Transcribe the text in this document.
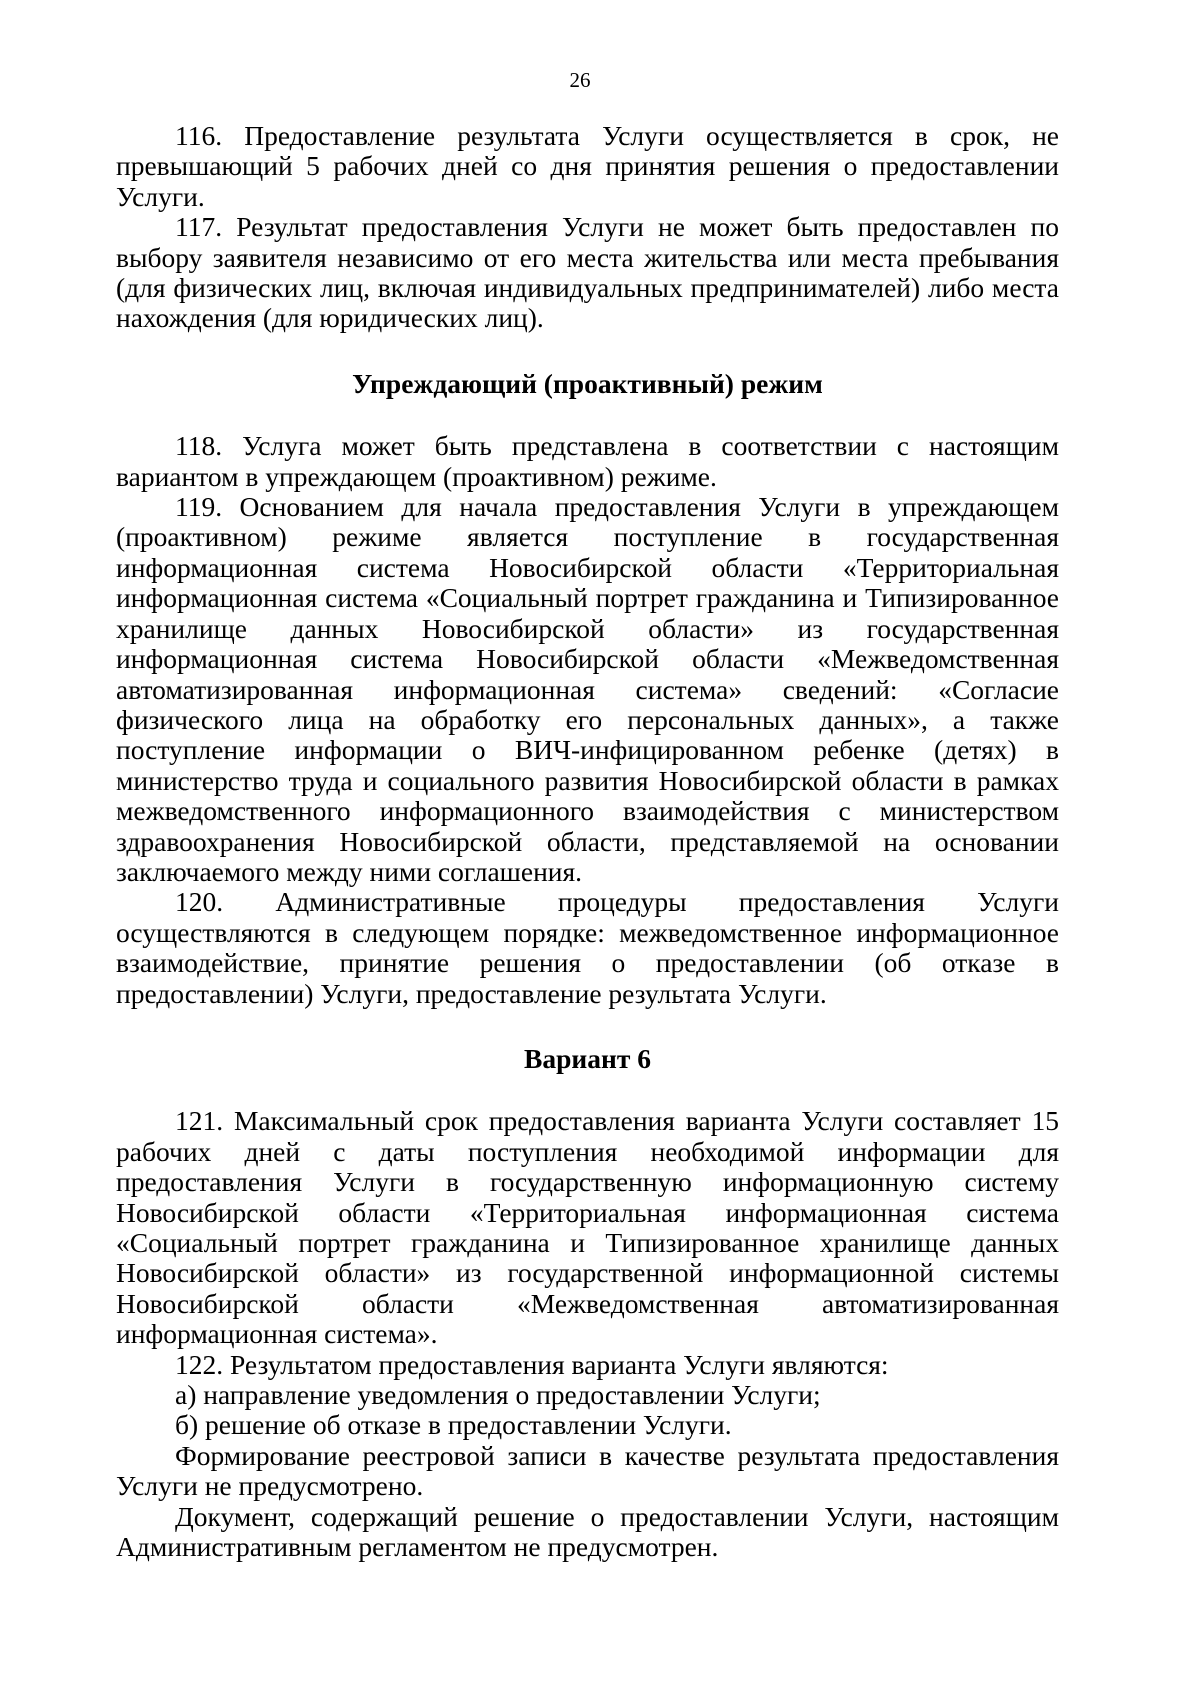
26

116. Предоставление результата Услуги осуществляется в срок, не превышающий 5 рабочих дней со дня принятия решения о предоставлении Услуги.

117. Результат предоставления Услуги не может быть предоставлен по выбору заявителя независимо от его места жительства или места пребывания (для физических лиц, включая индивидуальных предпринимателей) либо места нахождения (для юридических лиц).

Упреждающий (проактивный) режим

118. Услуга может быть представлена в соответствии с настоящим вариантом в упреждающем (проактивном) режиме.

119. Основанием для начала предоставления Услуги в упреждающем (проактивном) режиме является поступление в государственная информационная система Новосибирской области «Территориальная информационная система «Социальный портрет гражданина и Типизированное хранилище данных Новосибирской области» из государственная информационная система Новосибирской области «Межведомственная автоматизированная информационная система» сведений: «Согласие физического лица на обработку его персональных данных», а также поступление информации о ВИЧ-инфицированном ребенке (детях) в министерство труда и социального развития Новосибирской области в рамках межведомственного информационного взаимодействия с министерством здравоохранения Новосибирской области, представляемой на основании заключаемого между ними соглашения.

120. Административные процедуры предоставления Услуги осуществляются в следующем порядке: межведомственное информационное взаимодействие, принятие решения о предоставлении (об отказе в предоставлении) Услуги, предоставление результата Услуги.

Вариант 6

121. Максимальный срок предоставления варианта Услуги составляет 15 рабочих дней с даты поступления необходимой информации для предоставления Услуги в государственную информационную систему Новосибирской области «Территориальная информационная система «Социальный портрет гражданина и Типизированное хранилище данных Новосибирской области» из государственной информационной системы Новосибирской области «Межведомственная автоматизированная информационная система».

122. Результатом предоставления варианта Услуги являются:

а) направление уведомления о предоставлении Услуги;

б) решение об отказе в предоставлении Услуги.

Формирование реестровой записи в качестве результата предоставления Услуги не предусмотрено.

Документ, содержащий решение о предоставлении Услуги, настоящим Административным регламентом не предусмотрен.
